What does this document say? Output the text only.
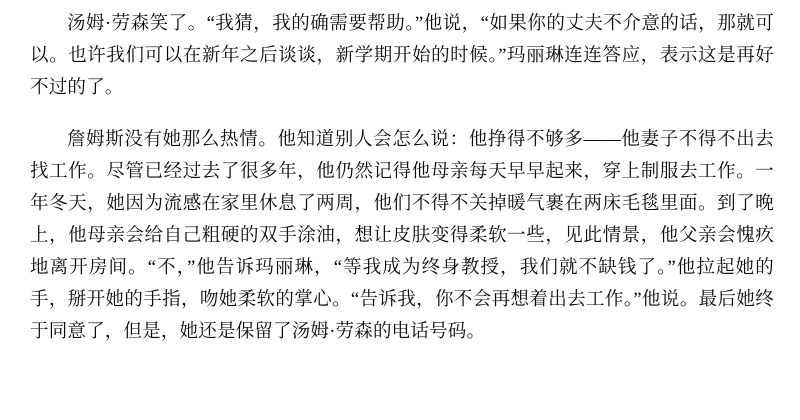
汤姆·劳森笑了。“我猜，我的确需要帮助。”他说，“如果你的丈夫不介意的话，那就可以。也许我们可以在新年之后谈谈，新学期开始的时候。”玛丽琳连连答应，表示这是再好不过的了。

詹姆斯没有她那么热情。他知道别人会怎么说：他挣得不够多——他妻子不得不出去找工作。尽管已经过去了很多年，他仍然记得他母亲每天早早起来，穿上制服去工作。一年冬天，她因为流感在家里休息了两周，他们不得不关掉暖气裹在两床毛毯里面。到了晚上，他母亲会给自己粗硬的双手涂油，想让皮肤变得柔软一些，见此情景，他父亲会愧疚地离开房间。“不，”他告诉玛丽琳，“等我成为终身教授，我们就不缺钱了。”他拉起她的手，掰开她的手指，吻她柔软的掌心。“告诉我，你不会再想着出去工作。”他说。最后她终于同意了，但是，她还是保留了汤姆·劳森的电话号码。
